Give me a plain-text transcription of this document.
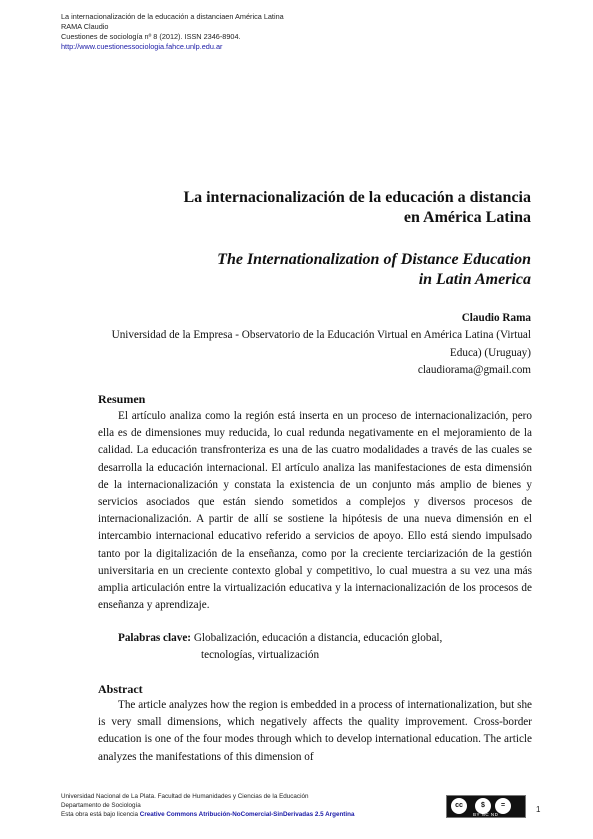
La internacionalización de la educación a distanciaen América Latina
RAMA Claudio
Cuestiones de sociología nº 8 (2012). ISSN 2346-8904.
http://www.cuestionessociologia.fahce.unlp.edu.ar
La internacionalización de la educación a distancia
en América Latina
The Internationalization of Distance Education
in Latin America
Claudio Rama
Universidad de la Empresa - Observatorio de la Educación Virtual en América Latina (Virtual Educa) (Uruguay)
claudiorama@gmail.com
Resumen

El artículo analiza como la región está inserta en un proceso de internacionalización, pero ella es de dimensiones muy reducida, lo cual redunda negativamente en el mejoramiento de la calidad. La educación transfronteriza es una de las cuatro modalidades a través de las cuales se desarrolla la educación internacional. El artículo analiza las manifestaciones de esta dimensión de la internacionalización y constata la existencia de un conjunto más amplio de bienes y servicios asociados que están siendo sometidos a complejos y diversos procesos de internacionalización. A partir de allí se sostiene la hipótesis de una nueva dimensión en el intercambio internacional educativo referido a servicios de apoyo. Ello está siendo impulsado tanto por la digitalización de la enseñanza, como por la creciente terciarización de la gestión universitaria en un creciente contexto global y competitivo, lo cual muestra a su vez una más amplia articulación entre la virtualización educativa y la internacionalización de los procesos de enseñanza y aprendizaje.

Palabras clave: Globalización, educación a distancia, educación global,
tecnologías, virtualización
Abstract

The article analyzes how the region is embedded in a process of internationalization, but she is very small dimensions, which negatively affects the quality improvement. Cross-border education is one of the four modes through which to develop international education. The article analyzes the manifestations of this dimension of

Universidad Nacional de La Plata. Facultad de Humanidades y Ciencias de la Educación
Departamento de Sociología
Esta obra está bajo licencia Creative Commons Atribución-NoComercial-SinDerivadas 2.5 Argentina
cc	$	=
BY NC ND
1
